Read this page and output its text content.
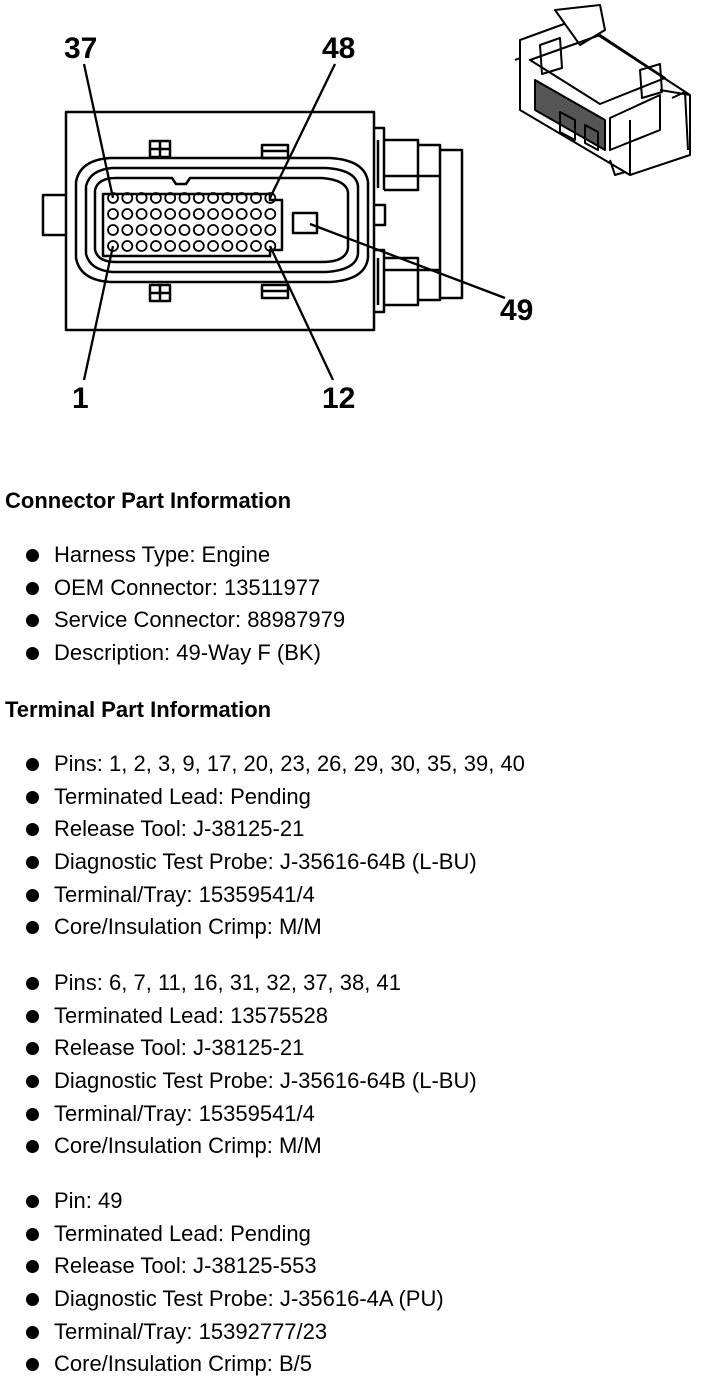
37	48
1	12
49
Connector Part Information
Harness Type: Engine
OEM Connector: 13511977
Service Connector: 88987979
Description: 49-Way F (BK)
Terminal Part Information
Pins: 1, 2, 3, 9, 17, 20, 23, 26, 29, 30, 35, 39, 40
Terminated Lead: Pending
Release Tool: J-38125-21
Diagnostic Test Probe: J-35616-64B (L-BU)
Terminal/Tray: 15359541/4
Core/Insulation Crimp: M/M
Pins: 6, 7, 11, 16, 31, 32, 37, 38, 41
Terminated Lead: 13575528
Release Tool: J-38125-21
Diagnostic Test Probe: J-35616-64B (L-BU)
Terminal/Tray: 15359541/4
Core/Insulation Crimp: M/M
Pin: 49
Terminated Lead: Pending
Release Tool: J-38125-553
Diagnostic Test Probe: J-35616-4A (PU)
Terminal/Tray: 15392777/23
Core/Insulation Crimp: B/5
